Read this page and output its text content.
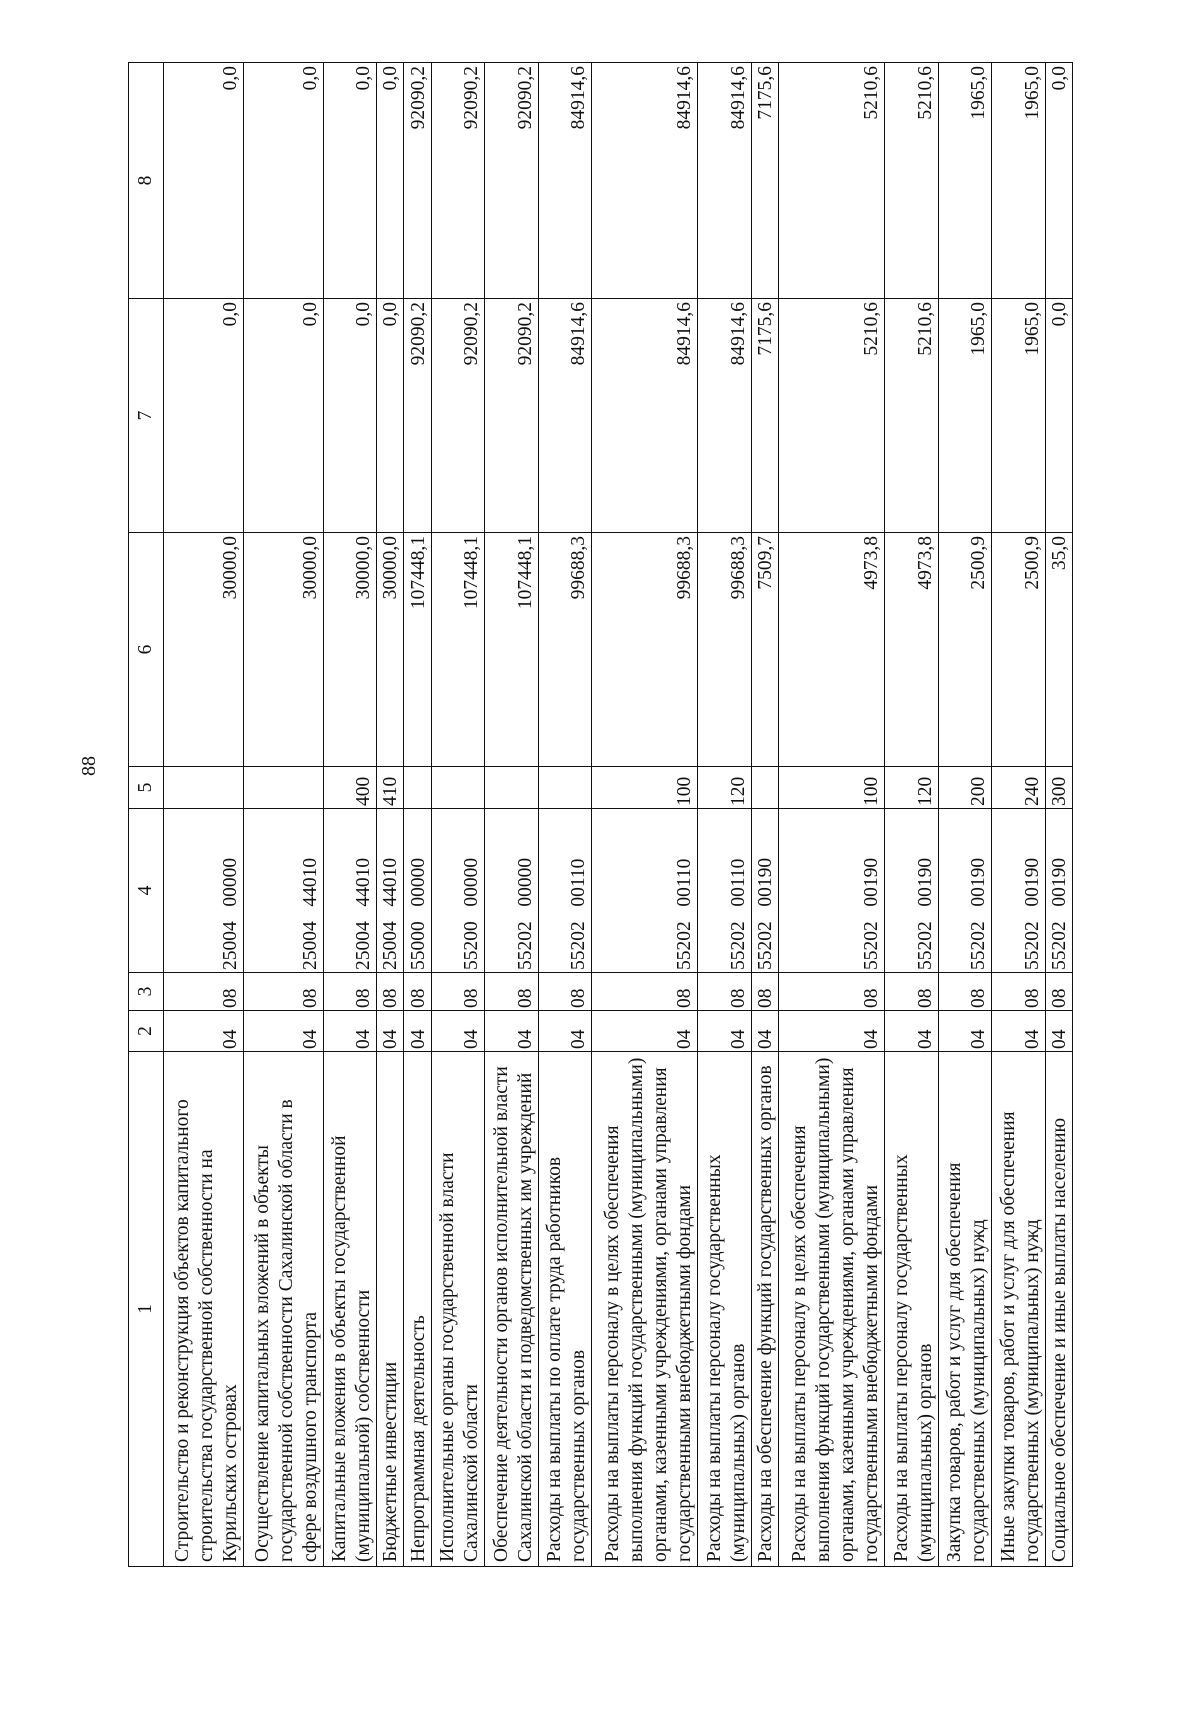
88
1	2	3	4	5	6	7	8
Строительство и реконструкция объектов капитального строительства государственной собственности на Курильских островах	04	08	25004   00000		30000,0	0,0	0,0
Осуществление капитальных вложений в объекты государственной собственности Сахалинской области в сфере воздушного транспорта	04	08	25004   44010		30000,0	0,0	0,0
Капитальные вложения в объекты государственной (муниципальной) собственности	04	08	25004   44010	400	30000,0	0,0	0,0
Бюджетные инвестиции	04	08	25004   44010	410	30000,0	0,0	0,0
Непрограммная деятельность	04	08	55000   00000		107448,1	92090,2	92090,2
Исполнительные органы государственной власти Сахалинской области	04	08	55200   00000		107448,1	92090,2	92090,2
Обеспечение деятельности органов исполнительной власти Сахалинской области и подведомственных им учреждений	04	08	55202   00000		107448,1	92090,2	92090,2
Расходы на выплаты по оплате труда работников государственных органов	04	08	55202   00110		99688,3	84914,6	84914,6
Расходы на выплаты персоналу в целях обеспечения выполнения функций государственными (муниципальными) органами, казенными учреждениями, органами управления государственными внебюджетными фондами	04	08	55202   00110	100	99688,3	84914,6	84914,6
Расходы на выплаты персоналу государственных (муниципальных) органов	04	08	55202   00110	120	99688,3	84914,6	84914,6
Расходы на обеспечение функций государственных органов	04	08	55202   00190		7509,7	7175,6	7175,6
Расходы на выплаты персоналу в целях обеспечения выполнения функций государственными (муниципальными) органами, казенными учреждениями, органами управления государственными внебюджетными фондами	04	08	55202   00190	100	4973,8	5210,6	5210,6
Расходы на выплаты персоналу государственных (муниципальных) органов	04	08	55202   00190	120	4973,8	5210,6	5210,6
Закупка товаров, работ и услуг для обеспечения государственных (муниципальных) нужд	04	08	55202   00190	200	2500,9	1965,0	1965,0
Иные закупки товаров, работ и услуг для обеспечения государственных (муниципальных) нужд	04	08	55202   00190	240	2500,9	1965,0	1965,0
Социальное обеспечение и иные выплаты населению	04	08	55202   00190	300	35,0	0,0	0,0
